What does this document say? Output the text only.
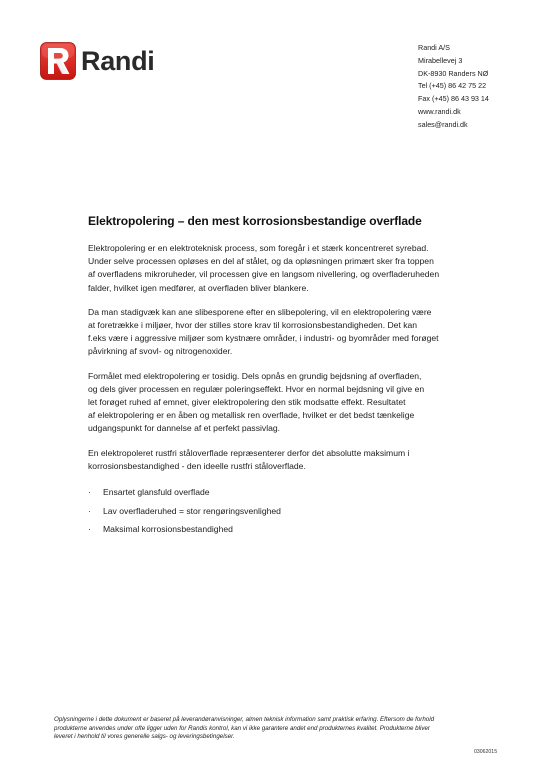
Randi	Randi A/S
Mirabellevej 3
DK-8930 Randers NØ
Tel (+45) 86 42 75 22
Fax (+45) 86 43 93 14
www.randi.dk
sales@randi.dk
Elektropolering – den mest korrosionsbestandige overflade

Elektropolering er en elektroteknisk process, som foregår i et stærk koncentreret syrebad.
Under selve processen opløses en del af stålet, og da opløsningen primært sker fra toppen
af overfladens mikroruheder, vil processen give en langsom nivellering, og overfladeruheden
falder, hvilket igen medfører, at overfladen bliver blankere.

Da man stadigvæk kan ane slibesporene efter en slibepolering, vil en elektropolering være
at foretrække i miljøer, hvor der stilles store krav til korrosionsbestandigheden. Det kan
f.eks være i aggressive miljøer som kystnære områder, i industri- og byområder med forøget
påvirkning af svovl- og nitrogenoxider.

Formålet med elektropolering er tosidig. Dels opnås en grundig bejdsning af overfladen,
og dels giver processen en regulær poleringseffekt. Hvor en normal bejdsning vil give en
let forøget ruhed af emnet, giver elektropolering den stik modsatte effekt. Resultatet
af elektropolering er en åben og metallisk ren overflade, hvilket er det bedst tænkelige
udgangspunkt for dannelse af et perfekt passivlag.

En elektropoleret rustfri ståloverflade repræsenterer derfor det absolutte maksimum i
korrosionsbestandighed - den ideelle rustfri ståloverflade.

· Ensartet glansfuld overflade
· Lav overfladeruhed = stor rengøringsvenlighed
· Maksimal korrosionsbestandighed
Oplysningerne i dette dokument er baseret på leverandøranvisninger, almen teknisk information samt praktisk erfaring. Eftersom de forhold
produkterne anvendes under ofte ligger uden for Randis kontrol, kan vi ikke garantere andet end produkternes kvalitet. Produkterne bliver
leveret i henhold til vores generelle salgs- og leveringsbetingelser.
03062015
